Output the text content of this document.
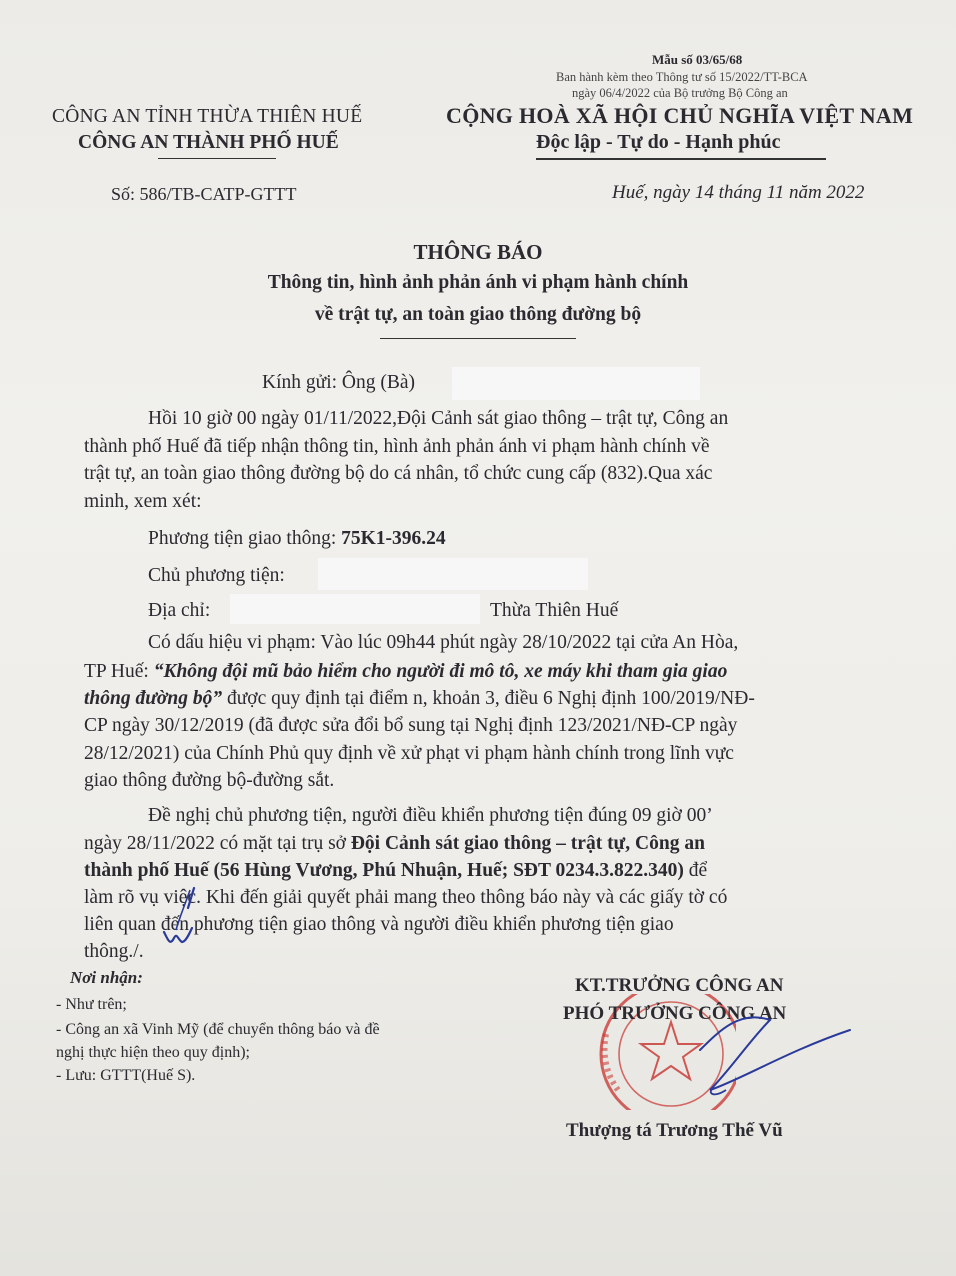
Mẫu số 03/65/68
Ban hành kèm theo Thông tư số 15/2022/TT-BCA
ngày 06/4/2022 của Bộ trưởng Bộ Công an
CÔNG AN TỈNH THỪA THIÊN HUẾ
CÔNG AN THÀNH PHỐ HUẾ
CỘNG HOÀ XÃ HỘI CHỦ NGHĨA VIỆT NAM
Độc lập - Tự do - Hạnh phúc
Số: 586/TB-CATP-GTTT	Huế, ngày 14 tháng 11 năm 2022
THÔNG BÁO
Thông tin, hình ảnh phản ánh vi phạm hành chính
về trật tự, an toàn giao thông đường bộ
Kính gửi: Ông (Bà)
Hồi 10 giờ 00 ngày 01/11/2022,Đội Cảnh sát giao thông – trật tự, Công an
thành phố Huế đã tiếp nhận thông tin, hình ảnh phản ánh vi phạm hành chính về
trật tự, an toàn giao thông đường bộ do cá nhân, tổ chức cung cấp (832).Qua xác
minh, xem xét:
Phương tiện giao thông: 75K1-396.24
Chủ phương tiện:
Địa chỉ:	Thừa Thiên Huế
Có dấu hiệu vi phạm: Vào lúc 09h44 phút ngày 28/10/2022 tại cửa An Hòa,
TP Huế: “Không đội mũ bảo hiểm cho người đi mô tô, xe máy khi tham gia giao
thông đường bộ” được quy định tại điểm n, khoản 3, điều 6 Nghị định 100/2019/NĐ-
CP ngày 30/12/2019 (đã được sửa đổi bổ sung tại Nghị định 123/2021/NĐ-CP ngày
28/12/2021) của Chính Phủ quy định về xử phạt vi phạm hành chính trong lĩnh vực
giao thông đường bộ-đường sắt.
Đề nghị chủ phương tiện, người điều khiển phương tiện đúng 09 giờ 00’
ngày 28/11/2022 có mặt tại trụ sở Đội Cảnh sát giao thông – trật tự, Công an
thành phố Huế (56 Hùng Vương, Phú Nhuận, Huế; SĐT 0234.3.822.340) để
làm rõ vụ việc. Khi đến giải quyết phải mang theo thông báo này và các giấy tờ có
liên quan đến phương tiện giao thông và người điều khiển phương tiện giao
thông./.
Nơi nhận:
- Như trên;
- Công an xã Vinh Mỹ (để chuyển thông báo và đề
nghị thực hiện theo quy định);
- Lưu: GTTT(Huế S).
KT.TRƯỞNG CÔNG AN
PHÓ TRƯỞNG CÔNG AN
Thượng tá Trương Thế Vũ
